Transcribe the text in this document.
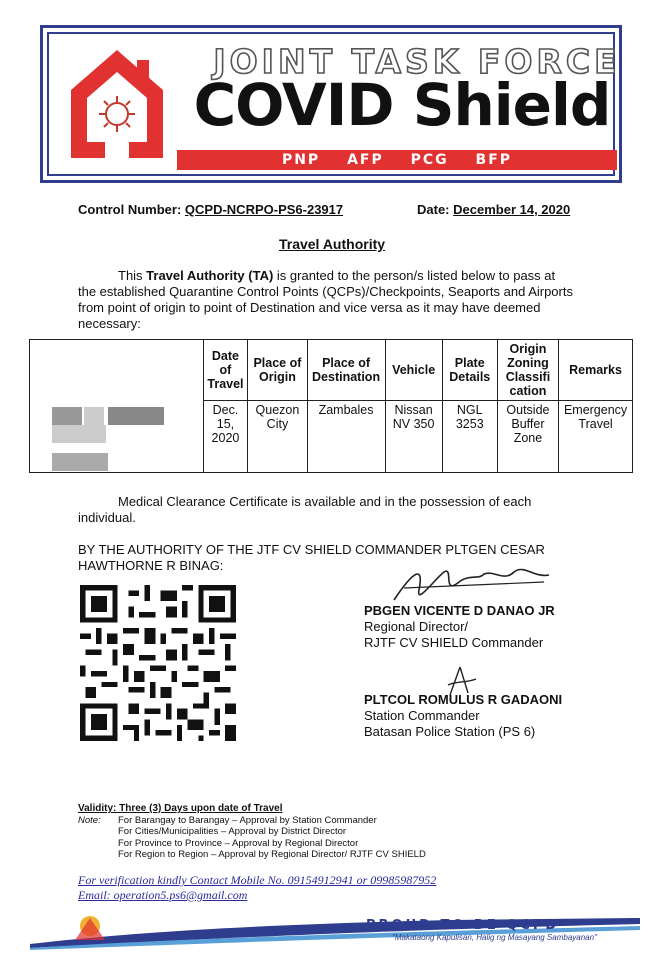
JOINT TASK FORCE
COVID Shield
PNP AFP PCG BFP
Control Number: QCPD-NCRPO-PS6-23917	Date: December 14, 2020
Travel Authority
This Travel Authority (TA) is granted to the person/s listed below to pass at
the established Quarantine Control Points (QCPs)/Checkpoints, Seaports and Airports
from point of origin to point of Destination and vice versa as it may have deemed
necessary:
	Date
of
Travel	Place of
Origin	Place of
Destination	Vehicle	Plate
Details	Origin
Zoning
Classifi
cation	Remarks

	Dec.
15,
2020	Quezon
City	Zambales	Nissan
NV 350	NGL
3253	Outside
Buffer
Zone	Emergency
Travel
Medical Clearance Certificate is available and in the possession of each
individual.
BY THE AUTHORITY OF THE JTF CV SHIELD COMMANDER PLTGEN CESAR
HAWTHORNE R BINAG:
PBGEN VICENTE D DANAO JR
Regional Director/
RJTF CV SHIELD Commander
PLTCOL ROMULUS R GADAONI
Station Commander
Batasan Police Station (PS 6)
Validity: Three (3) Days upon date of Travel
Note:	For Barangay to Barangay – Approval by Station Commander
For Cities/Municipalities – Approval by District Director
For Province to Province – Approval by Regional Director
For Region to Region – Approval by Regional Director/ RJTF CV SHIELD
For verification kindly Contact Mobile No. 09154912941 or 09985987952
Email: operation5.ps6@gmail.com
PROUD TO BE QCPD
"Makataong Kapulisan, Halig ng Masayang Sambayanan"
